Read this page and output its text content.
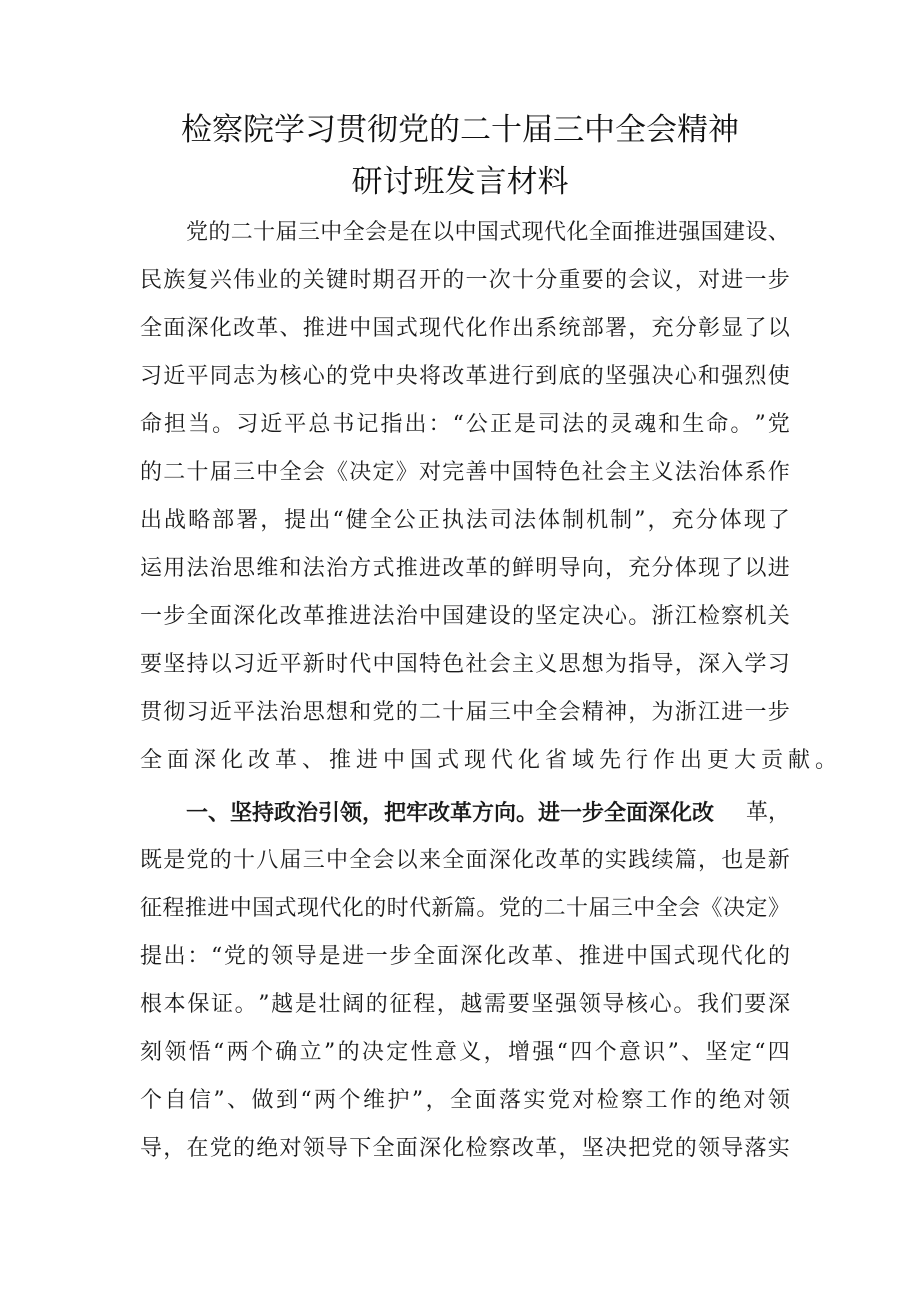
检察院学习贯彻党的二十届三中全会精神
研讨班发言材料
党 的 二 十 届 三 中 全 会 是 在 以 中 国 式 现 代 化 全 面 推 进 强 国 建 设 、
民 族 复 兴 伟 业 的 关 键 时 期 召 开 的 一 次 十 分 重 要 的 会 议 ， 对 进 一 步
全 面 深 化 改 革 、 推 进 中 国 式 现 代 化 作 出 系 统 部 署 ， 充 分 彰 显 了 以
习 近 平 同 志 为 核 心 的 党 中 央 将 改 革 进 行 到 底 的 坚 强 决 心 和 强 烈 使
命 担 当 。 习 近 平 总 书 记 指 出 ： “ 公 正 是 司 法 的 灵 魂 和 生 命 。 ” 党
的 二 十 届 三 中 全 会 《 决 定 》 对 完 善 中 国 特 色 社 会 主 义 法 治 体 系 作
出 战 略 部 署 ， 提 出 “ 健 全 公 正 执 法 司 法 体 制 机 制 ” ， 充 分 体 现 了
运 用 法 治 思 维 和 法 治 方 式 推 进 改 革 的 鲜 明 导 向 ， 充 分 体 现 了 以 进
一 步 全 面 深 化 改 革 推 进 法 治 中 国 建 设 的 坚 定 决 心 。 浙 江 检 察 机 关
要 坚 持 以 习 近 平 新 时 代 中 国 特 色 社 会 主 义 思 想 为 指 导 ， 深 入 学 习
贯 彻 习 近 平 法 治 思 想 和 党 的 二 十 届 三 中 全 会 精 神 ， 为 浙 江 进 一 步
全面深化改革、推进中国式现代化省域先行作出更大贡献。
一、坚持政治引领，把牢改革方向。进一步全面深化改 革，
既 是 党 的 十 八 届 三 中 全 会 以 来 全 面 深 化 改 革 的 实 践 续 篇 ， 也 是 新
征 程 推 进 中 国 式 现 代 化 的 时 代 新 篇 。 党 的 二 十 届 三 中 全 会 《 决 定 》
提 出 ： “ 党 的 领 导 是 进 一 步 全 面 深 化 改 革 、 推 进 中 国 式 现 代 化 的
根 本 保 证 。 ” 越 是 壮 阔 的 征 程 ， 越 需 要 坚 强 领 导 核 心 。 我 们 要 深
刻 领 悟 “ 两 个 确 立 ” 的 决 定 性 意 义 ， 增 强 “ 四 个 意 识 ” 、 坚 定 “ 四
个 自 信 ” 、 做 到 “ 两 个 维 护 ” ， 全 面 落 实 党 对 检 察 工 作 的 绝 对 领
导 ， 在 党 的 绝 对 领 导 下 全 面 深 化 检 察 改 革 ， 坚 决 把 党 的 领 导 落 实
